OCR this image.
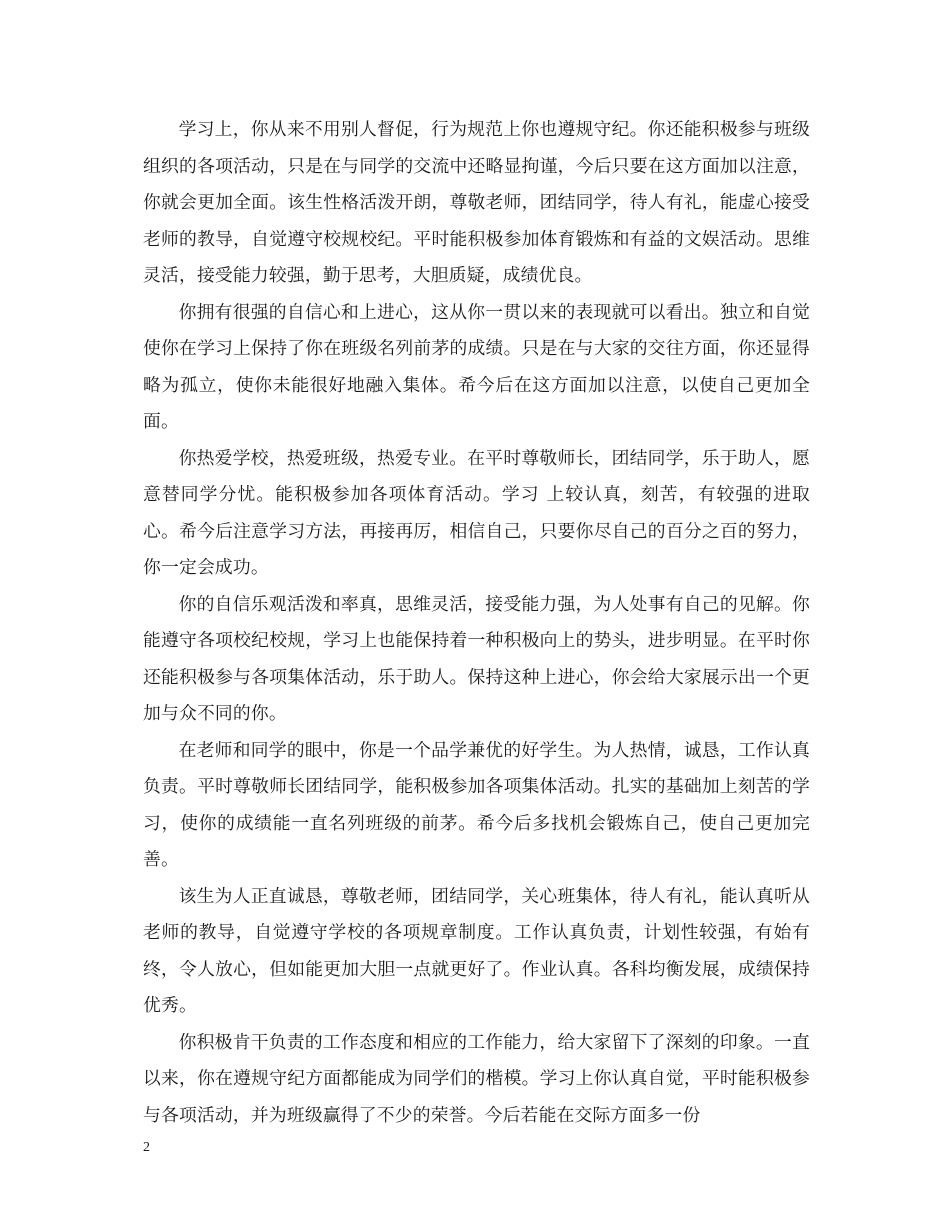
学习上，你从来不用别人督促，行为规范上你也遵规守纪。你还能积极参与班级组织的各项活动，只是在与同学的交流中还略显拘谨，今后只要在这方面加以注意，你就会更加全面。该生性格活泼开朗，尊敬老师，团结同学，待人有礼，能虚心接受老师的教导，自觉遵守校规校纪。平时能积极参加体育锻炼和有益的文娱活动。思维灵活，接受能力较强，勤于思考，大胆质疑，成绩优良。

你拥有很强的自信心和上进心，这从你一贯以来的表现就可以看出。独立和自觉使你在学习上保持了你在班级名列前茅的成绩。只是在与大家的交往方面，你还显得略为孤立，使你未能很好地融入集体。希今后在这方面加以注意，以使自己更加全面。

你热爱学校，热爱班级，热爱专业。在平时尊敬师长，团结同学，乐于助人，愿意替同学分忧。能积极参加各项体育活动。学习 上较认真，刻苦，有较强的进取心。希今后注意学习方法，再接再厉，相信自己，只要你尽自己的百分之百的努力，你一定会成功。

你的自信乐观活泼和率真，思维灵活，接受能力强，为人处事有自己的见解。你能遵守各项校纪校规，学习上也能保持着一种积极向上的势头，进步明显。在平时你还能积极参与各项集体活动，乐于助人。保持这种上进心，你会给大家展示出一个更加与众不同的你。

在老师和同学的眼中，你是一个品学兼优的好学生。为人热情，诚恳，工作认真负责。平时尊敬师长团结同学，能积极参加各项集体活动。扎实的基础加上刻苦的学习，使你的成绩能一直名列班级的前茅。希今后多找机会锻炼自己，使自己更加完善。

该生为人正直诚恳，尊敬老师，团结同学，关心班集体，待人有礼，能认真听从老师的教导，自觉遵守学校的各项规章制度。工作认真负责，计划性较强，有始有终，令人放心，但如能更加大胆一点就更好了。作业认真。各科均衡发展，成绩保持优秀。

你积极肯干负责的工作态度和相应的工作能力，给大家留下了深刻的印象。一直以来，你在遵规守纪方面都能成为同学们的楷模。学习上你认真自觉，平时能积极参与各项活动，并为班级赢得了不少的荣誉。今后若能在交际方面多一份

2
